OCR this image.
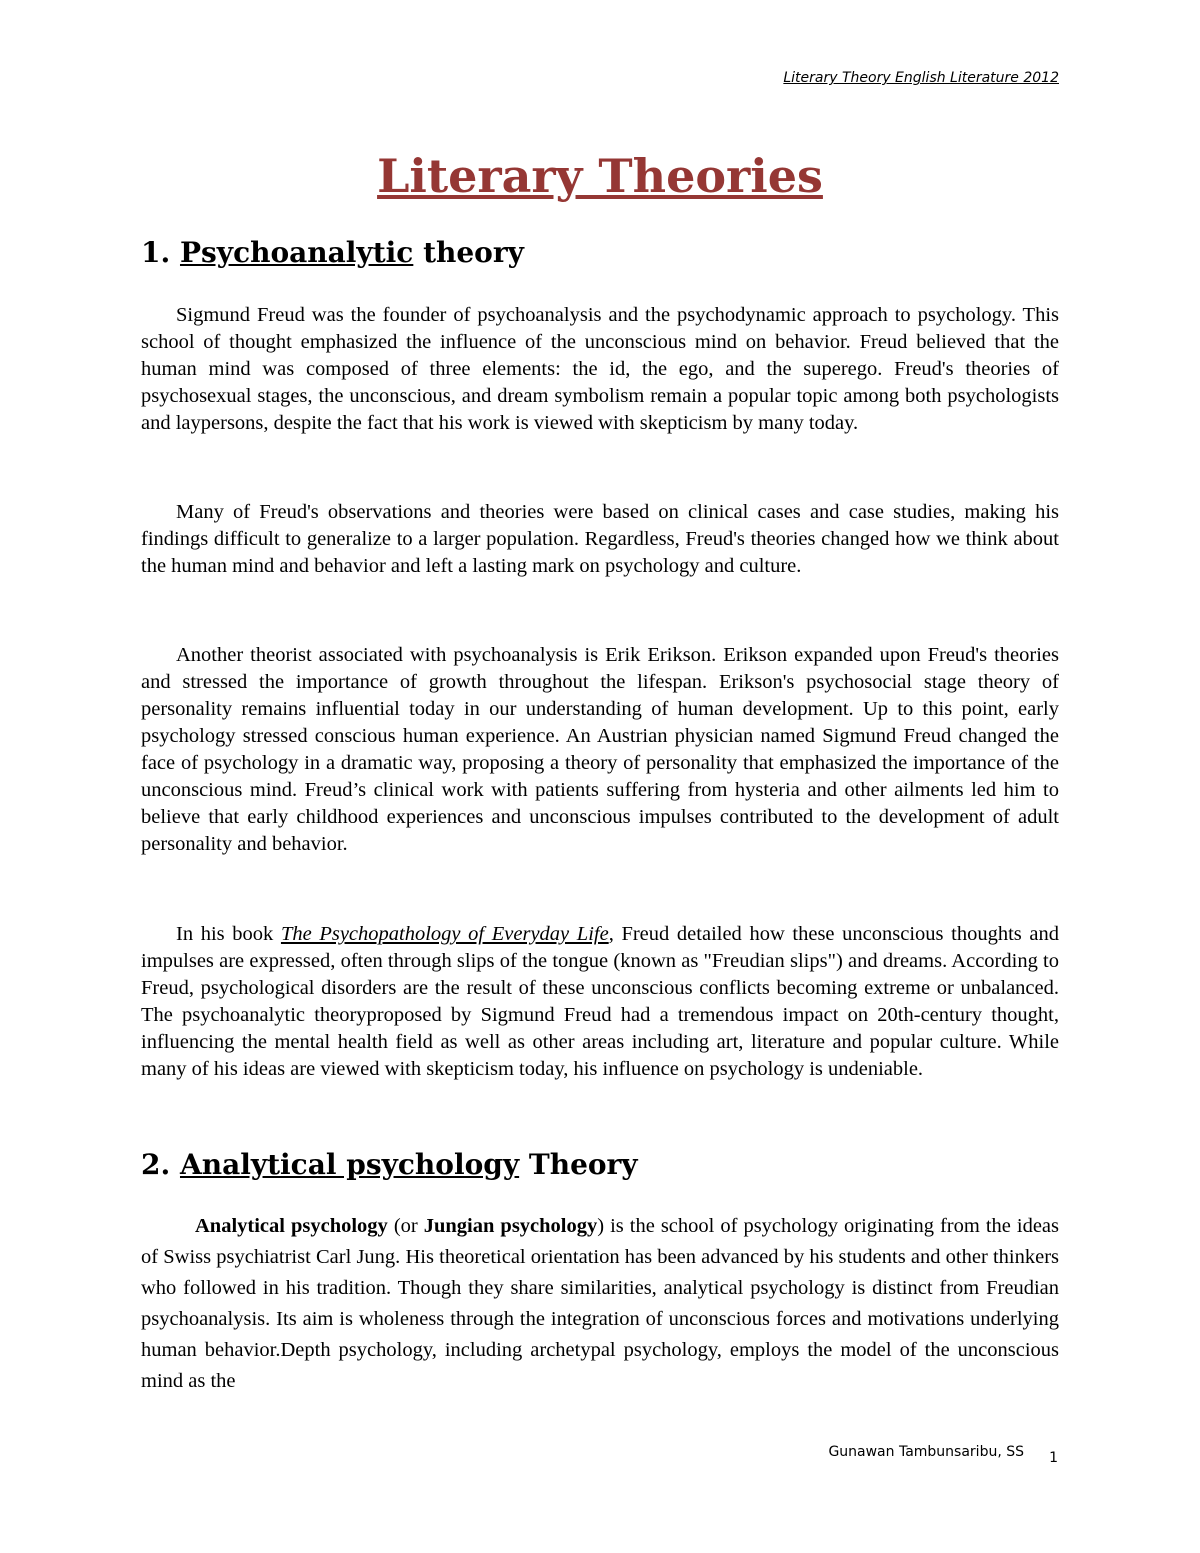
Literary Theory English Literature 2012
Literary Theories
1. Psychoanalytic theory

Sigmund Freud was the founder of psychoanalysis and the psychodynamic approach to psychology. This school of thought emphasized the influence of the unconscious mind on behavior. Freud believed that the human mind was composed of three elements: the id, the ego, and the superego. Freud's theories of psychosexual stages, the unconscious, and dream symbolism remain a popular topic among both psychologists and laypersons, despite the fact that his work is viewed with skepticism by many today.

Many of Freud's observations and theories were based on clinical cases and case studies, making his findings difficult to generalize to a larger population. Regardless, Freud's theories changed how we think about the human mind and behavior and left a lasting mark on psychology and culture.

Another theorist associated with psychoanalysis is Erik Erikson. Erikson expanded upon Freud's theories and stressed the importance of growth throughout the lifespan. Erikson's psychosocial stage theory of personality remains influential today in our understanding of human development. Up to this point, early psychology stressed conscious human experience. An Austrian physician named Sigmund Freud changed the face of psychology in a dramatic way, proposing a theory of personality that emphasized the importance of the unconscious mind. Freud’s clinical work with patients suffering from hysteria and other ailments led him to believe that early childhood experiences and unconscious impulses contributed to the development of adult personality and behavior.

In his book The Psychopathology of Everyday Life, Freud detailed how these unconscious thoughts and impulses are expressed, often through slips of the tongue (known as "Freudian slips") and dreams. According to Freud, psychological disorders are the result of these unconscious conflicts becoming extreme or unbalanced. The psychoanalytic theoryproposed by Sigmund Freud had a tremendous impact on 20th-century thought, influencing the mental health field as well as other areas including art, literature and popular culture. While many of his ideas are viewed with skepticism today, his influence on psychology is undeniable.

2. Analytical psychology Theory

Analytical psychology (or Jungian psychology) is the school of psychology originating from the ideas of Swiss psychiatrist Carl Jung. His theoretical orientation has been advanced by his students and other thinkers who followed in his tradition. Though they share similarities, analytical psychology is distinct from Freudian psychoanalysis. Its aim is wholeness through the integration of unconscious forces and motivations underlying human behavior.Depth psychology, including archetypal psychology, employs the model of the unconscious mind as the

Gunawan Tambunsaribu, SS 1
